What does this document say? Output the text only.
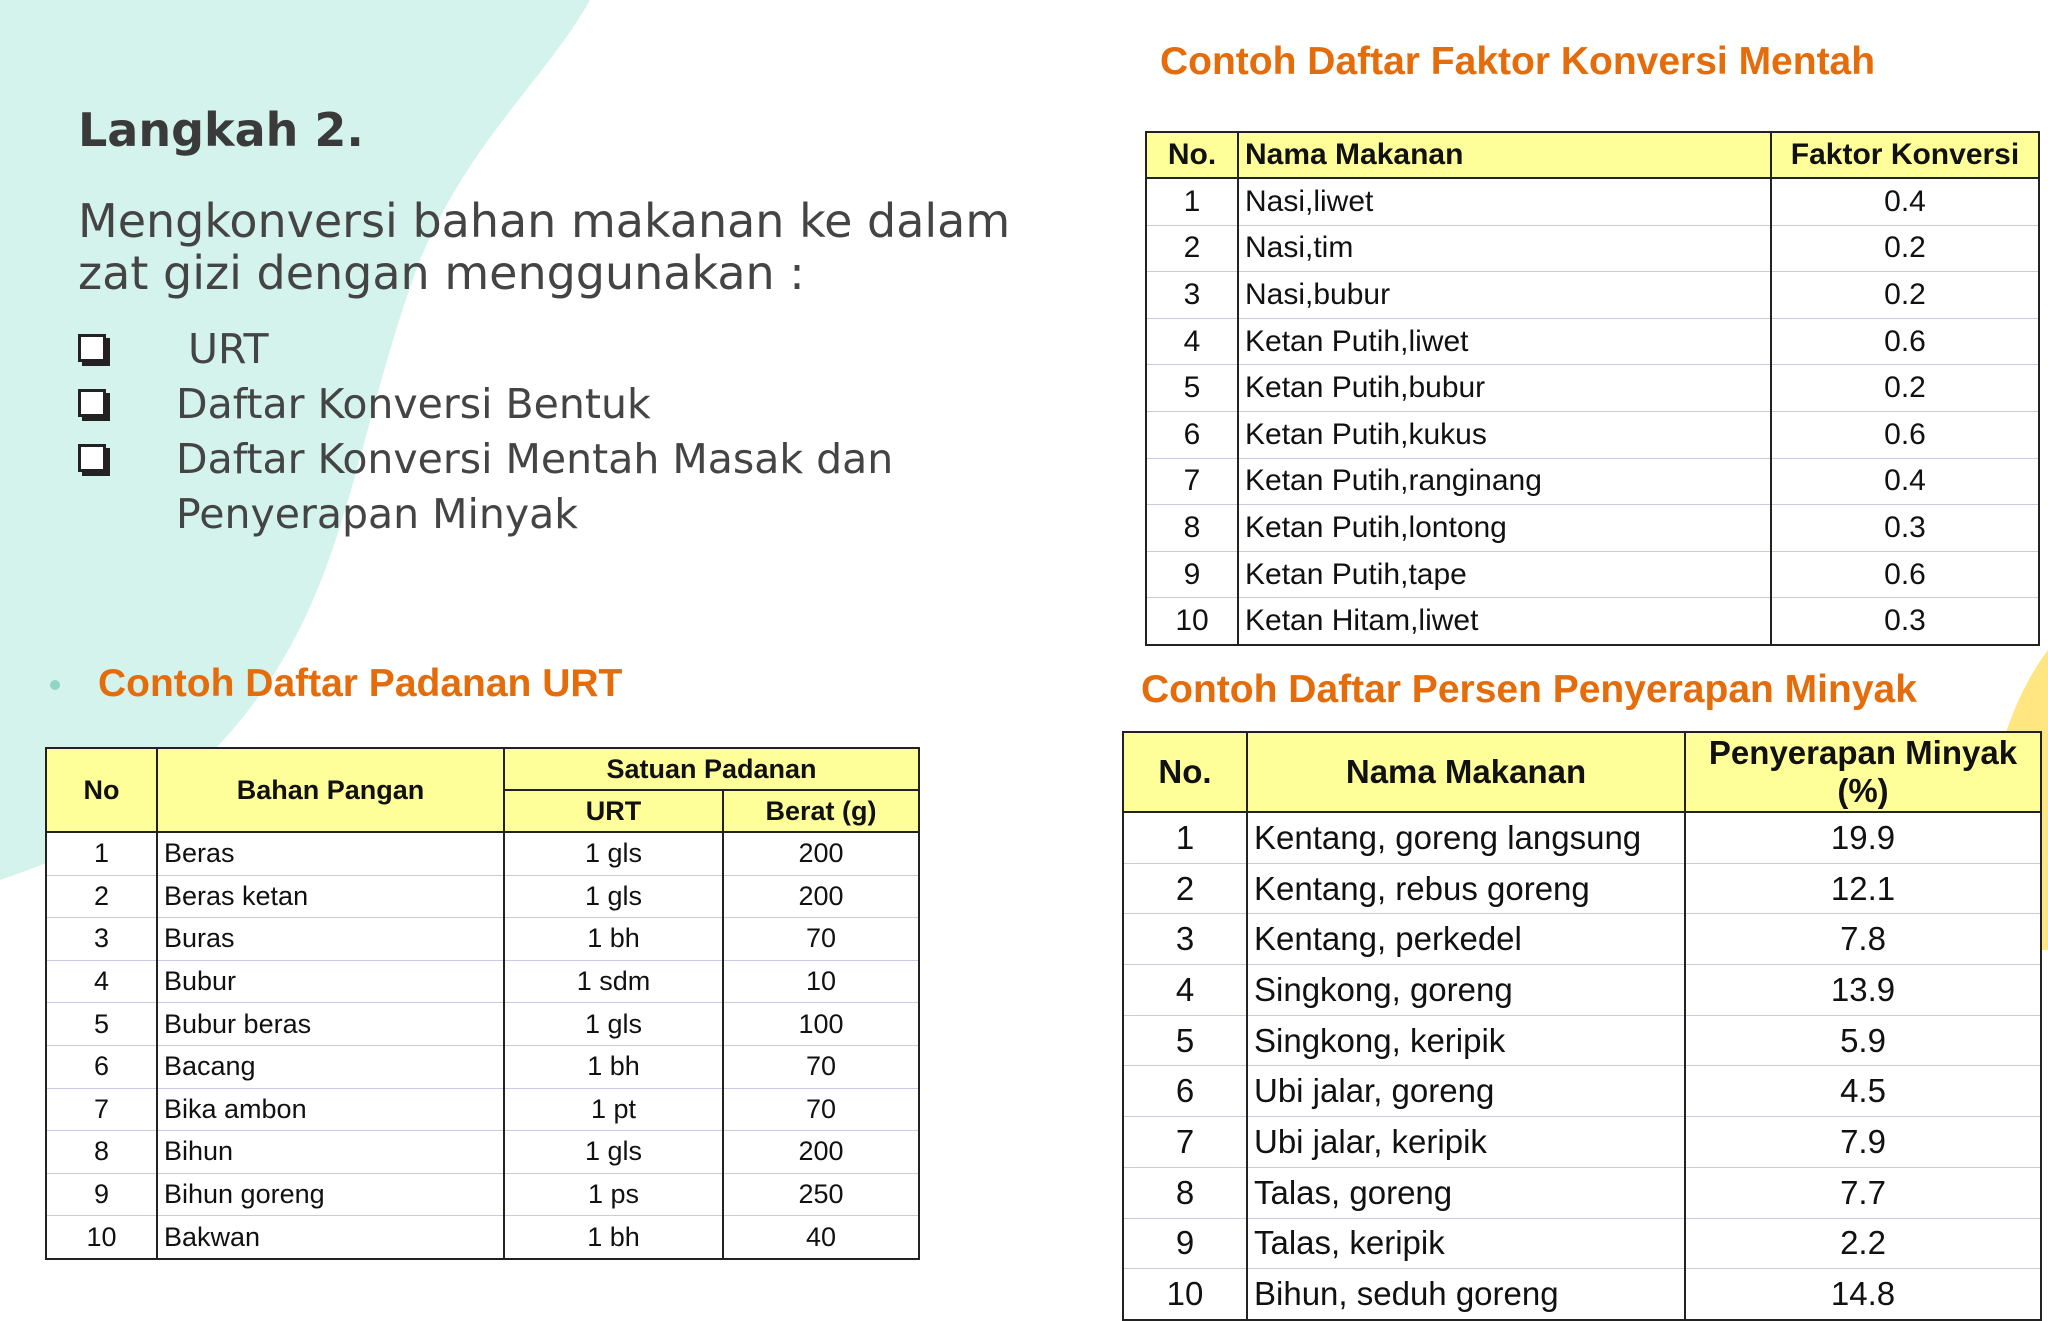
Langkah 2.

Mengkonversi bahan makanan ke dalam zat gizi dengan menggunakan :

URT
Daftar Konversi Bentuk
Daftar Konversi Mentah Masak dan Penyerapan Minyak
Contoh Daftar Faktor Konversi Mentah
No.	Nama Makanan	Faktor Konversi
1	Nasi,liwet	0.4
2	Nasi,tim	0.2
3	Nasi,bubur	0.2
4	Ketan Putih,liwet	0.6
5	Ketan Putih,bubur	0.2
6	Ketan Putih,kukus	0.6
7	Ketan Putih,ranginang	0.4
8	Ketan Putih,lontong	0.3
9	Ketan Putih,tape	0.6
10	Ketan Hitam,liwet	0.3
Contoh Daftar Padanan URT
No	Bahan Pangan	Satuan Padanan	
		URT	Berat (g)
1	Beras	1 gls	200
2	Beras ketan	1 gls	200
3	Buras	1 bh	70
4	Bubur	1 sdm	10
5	Bubur beras	1 gls	100
6	Bacang	1 bh	70
7	Bika ambon	1 pt	70
8	Bihun	1 gls	200
9	Bihun goreng	1 ps	250
10	Bakwan	1 bh	40
Contoh Daftar Persen Penyerapan Minyak
No.	Nama Makanan	Penyerapan Minyak (%)
1	Kentang, goreng langsung	19.9
2	Kentang, rebus goreng	12.1
3	Kentang, perkedel	7.8
4	Singkong, goreng	13.9
5	Singkong, keripik	5.9
6	Ubi jalar, goreng	4.5
7	Ubi jalar, keripik	7.9
8	Talas, goreng	7.7
9	Talas, keripik	2.2
10	Bihun, seduh goreng	14.8
